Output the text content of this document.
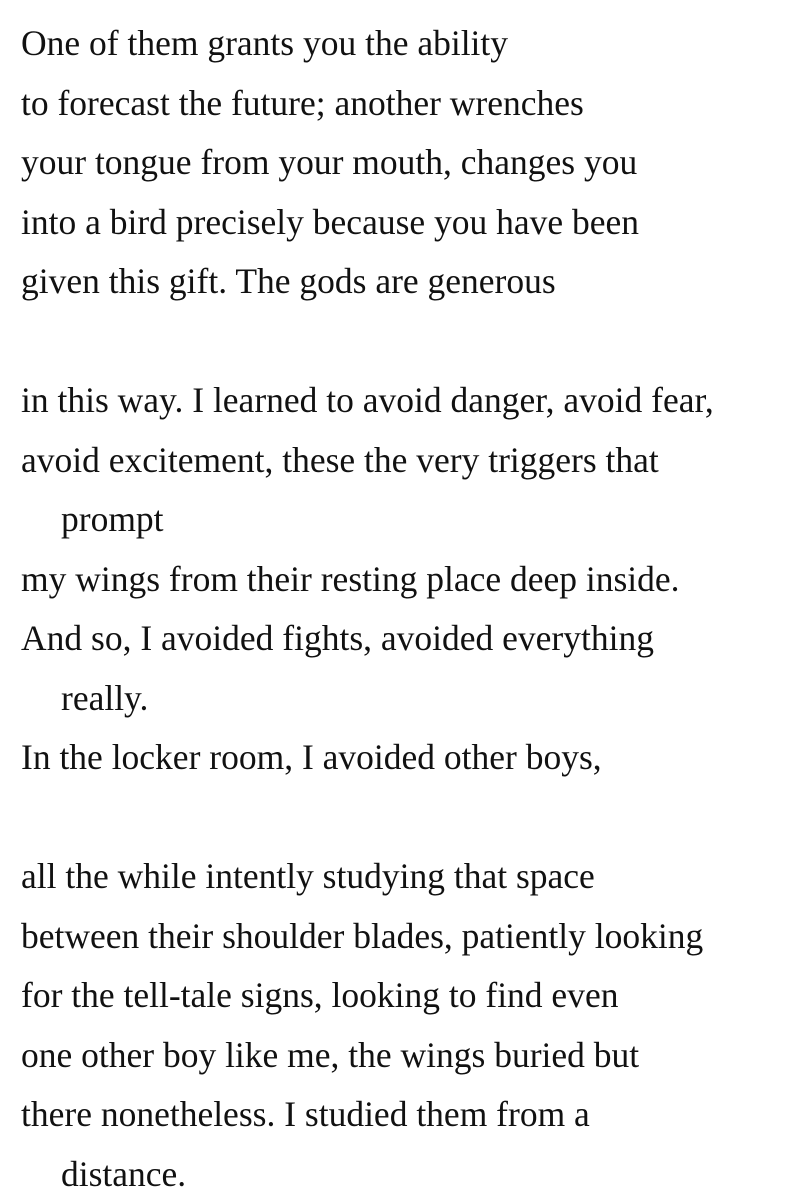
One of them grants you the ability
to forecast the future; another wrenches
your tongue from your mouth, changes you
into a bird precisely because you have been
given this gift. The gods are generous
in this way. I learned to avoid danger, avoid fear,
avoid excitement, these the very triggers that
prompt
my wings from their resting place deep inside.
And so, I avoided fights, avoided everything
really.
In the locker room, I avoided other boys,
all the while intently studying that space
between their shoulder blades, patiently looking
for the tell-tale signs, looking to find even
one other boy like me, the wings buried but
there nonetheless. I studied them from a
distance.
